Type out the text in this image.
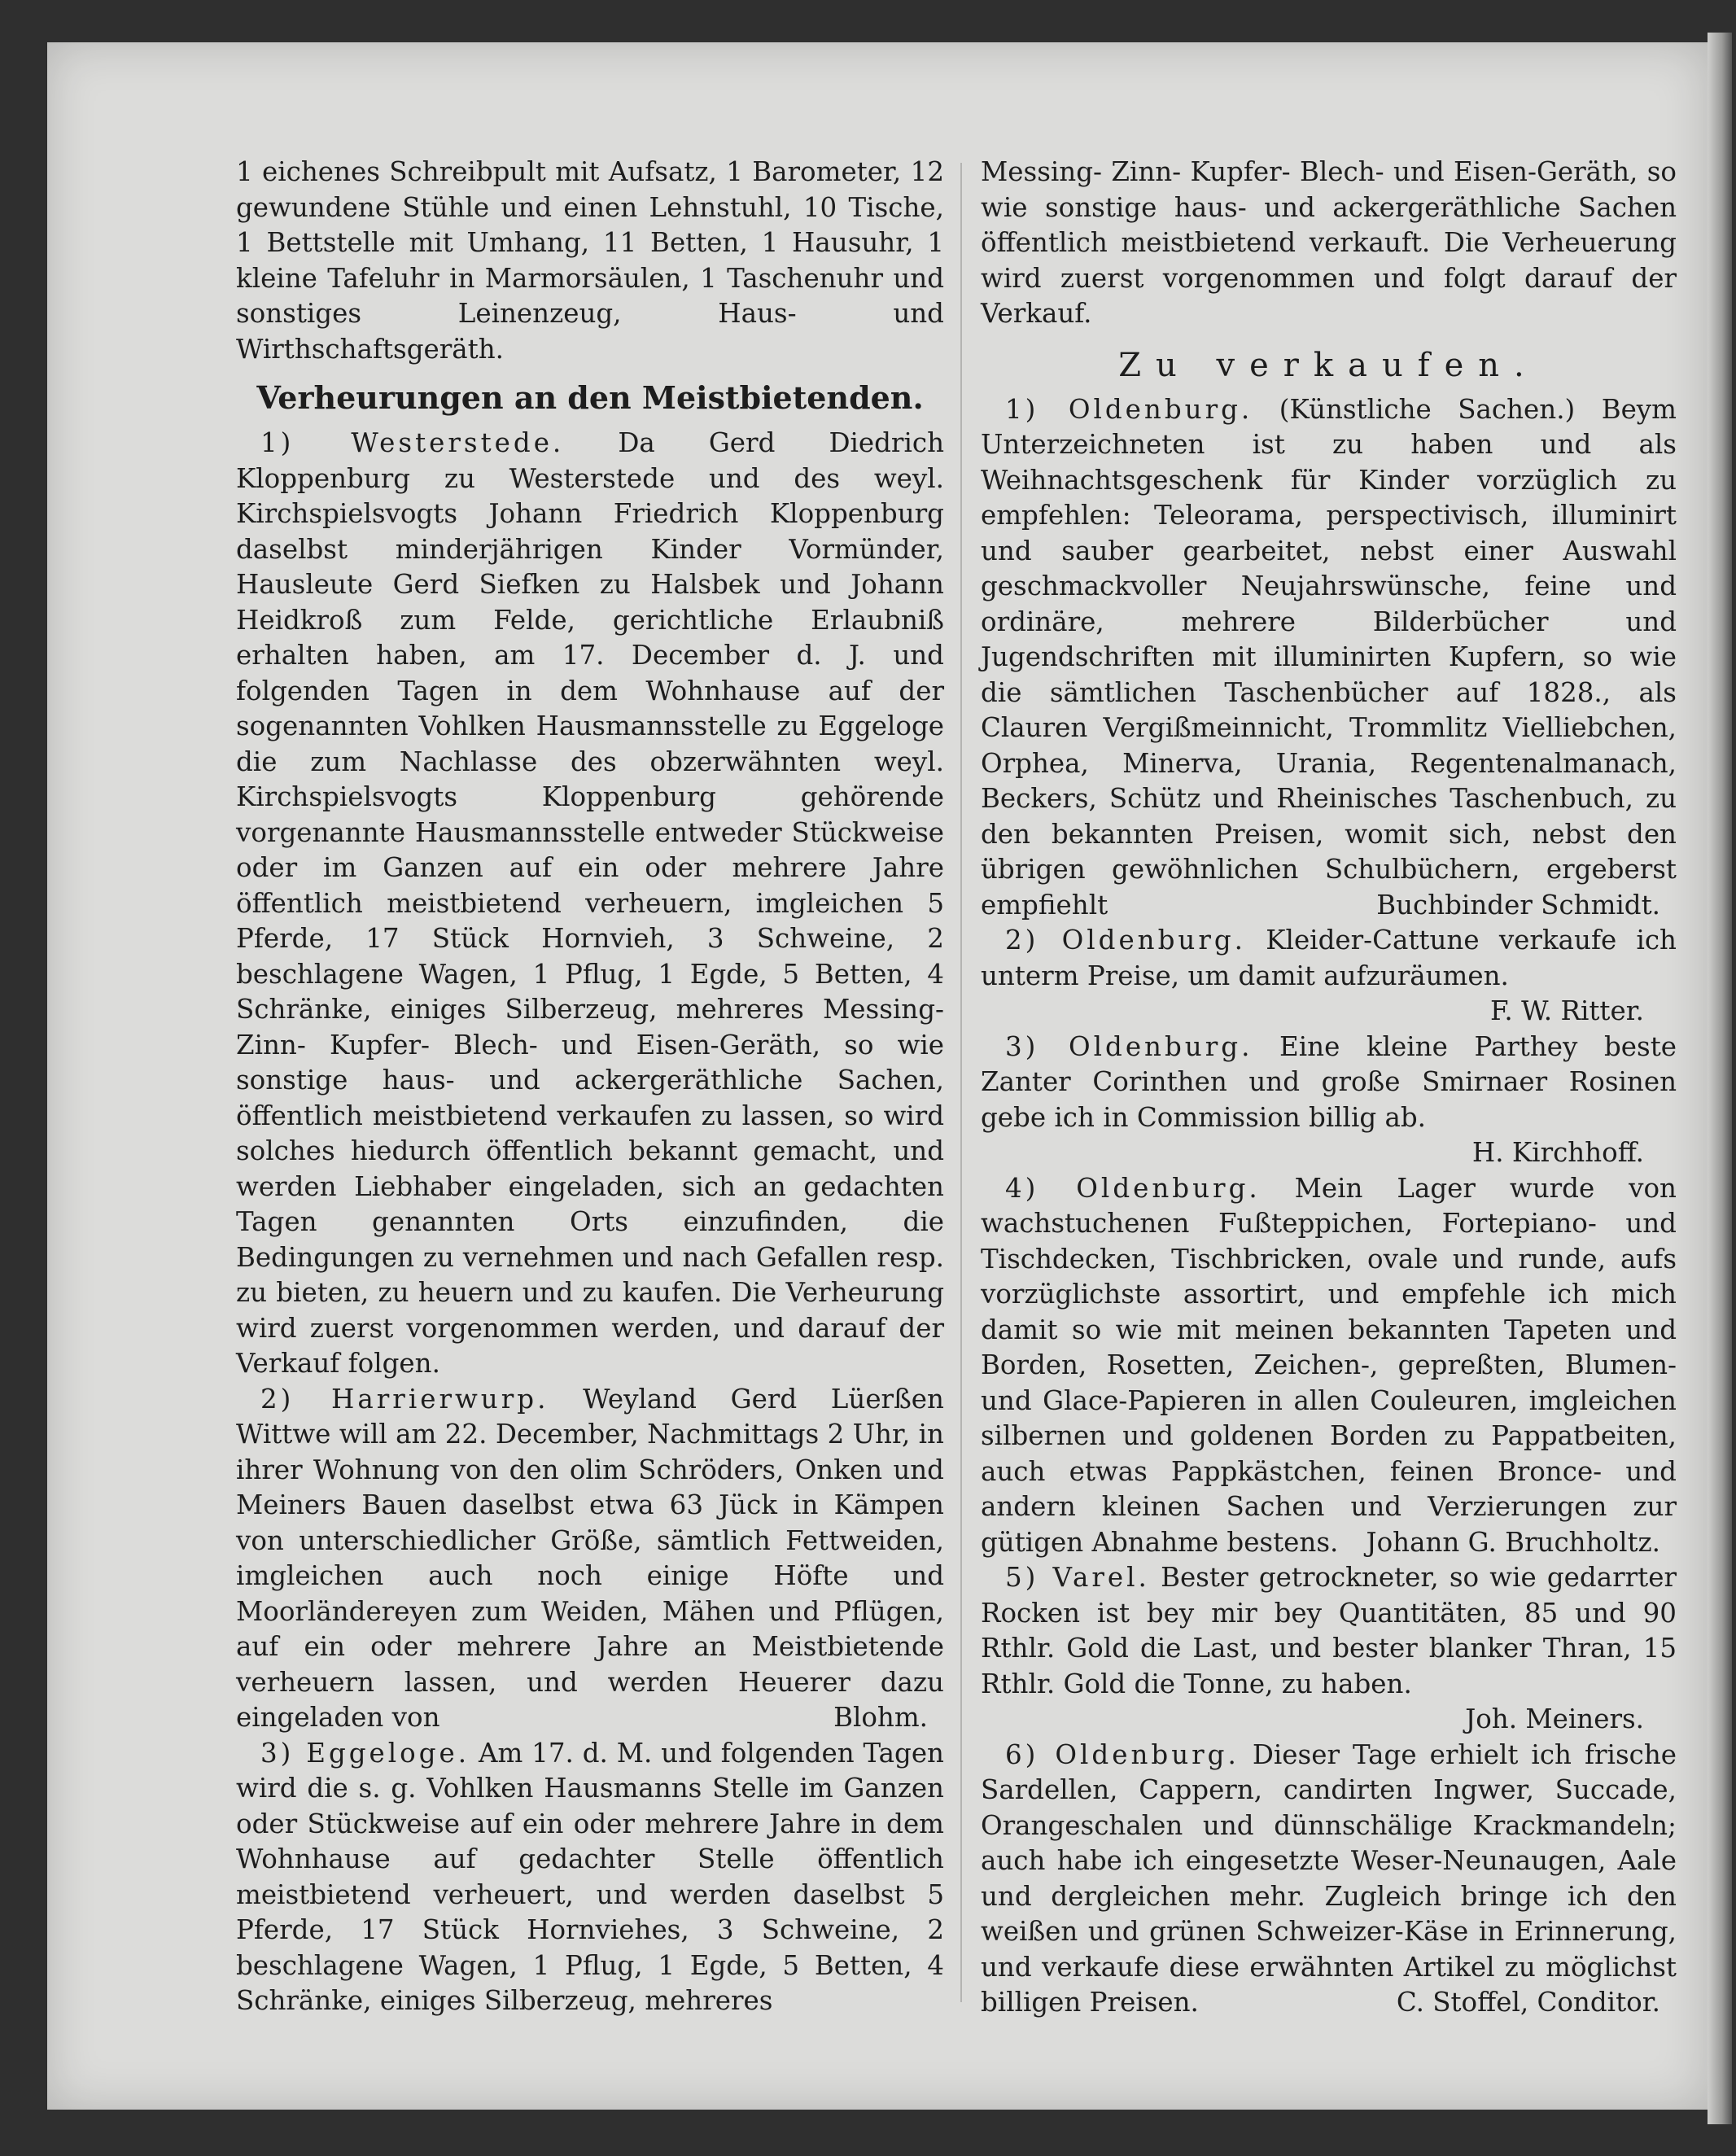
1 eichenes Schreibpult mit Aufsatz, 1 Barometer, 12 gewundene Stühle und einen Lehnstuhl, 10 Tische, 1 Bettstelle mit Umhang, 11 Betten, 1 Hausuhr, 1 kleine Tafeluhr in Marmorsäulen, 1 Taschenuhr und sonstiges Leinenzeug, Haus- und Wirthschaftsgeräth.

Verheurungen an den Meistbietenden.

1) Westerstede. Da Gerd Diedrich Kloppenburg zu Westerstede und des weyl. Kirchspielsvogts Johann Friedrich Kloppenburg daselbst minderjährigen Kinder Vormünder, Hausleute Gerd Siefken zu Halsbek und Johann Heidkroß zum Felde, gerichtliche Erlaubniß erhalten haben, am 17. December d. J. und folgenden Tagen in dem Wohnhause auf der sogenannten Vohlken Hausmannsstelle zu Eggeloge die zum Nachlasse des obzerwähnten weyl. Kirchspielsvogts Kloppenburg gehörende vorgenannte Hausmannsstelle entweder Stückweise oder im Ganzen auf ein oder mehrere Jahre öffentlich meistbietend verheuern, imgleichen 5 Pferde, 17 Stück Hornvieh, 3 Schweine, 2 beschlagene Wagen, 1 Pflug, 1 Egde, 5 Betten, 4 Schränke, einiges Silberzeug, mehreres Messing- Zinn- Kupfer- Blech- und Eisen-Geräth, so wie sonstige haus- und ackergeräthliche Sachen, öffentlich meistbietend verkaufen zu lassen, so wird solches hiedurch öffentlich bekannt gemacht, und werden Liebhaber eingeladen, sich an gedachten Tagen genannten Orts einzufinden, die Bedingungen zu vernehmen und nach Gefallen resp. zu bieten, zu heuern und zu kaufen. Die Verheurung wird zuerst vorgenommen werden, und darauf der Verkauf folgen.

2) Harrierwurp. Weyland Gerd Lüerßen Wittwe will am 22. December, Nachmittags 2 Uhr, in ihrer Wohnung von den olim Schröders, Onken und Meiners Bauen daselbst etwa 63 Jück in Kämpen von unterschiedlicher Größe, sämtlich Fettweiden, imgleichen auch noch einige Höfte und Moorländereyen zum Weiden, Mähen und Pflügen, auf ein oder mehrere Jahre an Meistbietende verheuern lassen, und werden Heuerer dazu eingeladen von	Blohm.

3) Eggeloge. Am 17. d. M. und folgenden Tagen wird die s. g. Vohlken Hausmanns Stelle im Ganzen oder Stückweise auf ein oder mehrere Jahre in dem Wohnhause auf gedachter Stelle öffentlich meistbietend verheuert, und werden daselbst 5 Pferde, 17 Stück Hornviehes, 3 Schweine, 2 beschlagene Wagen, 1 Pflug, 1 Egde, 5 Betten, 4 Schränke, einiges Silberzeug, mehreres

Messing- Zinn- Kupfer- Blech- und Eisen-Geräth, so wie sonstige haus- und ackergeräthliche Sachen öffentlich meistbietend verkauft. Die Verheuerung wird zuerst vorgenommen und folgt darauf der Verkauf.

Zu verkaufen.

1) Oldenburg. (Künstliche Sachen.) Beym Unterzeichneten ist zu haben und als Weihnachtsgeschenk für Kinder vorzüglich zu empfehlen: Teleorama, perspectivisch, illuminirt und sauber gearbeitet, nebst einer Auswahl geschmackvoller Neujahrswünsche, feine und ordinäre, mehrere Bilderbücher und Jugendschriften mit illuminirten Kupfern, so wie die sämtlichen Taschenbücher auf 1828., als Clauren Vergißmeinnicht, Trommlitz Vielliebchen, Orphea, Minerva, Urania, Regentenalmanach, Beckers, Schütz und Rheinisches Taschenbuch, zu den bekannten Preisen, womit sich, nebst den übrigen gewöhnlichen Schulbüchern, ergeberst empfiehlt	Buchbinder Schmidt.

2) Oldenburg. Kleider-Cattune verkaufe ich unterm Preise, um damit aufzuräumen.

F. W. Ritter.

3) Oldenburg. Eine kleine Parthey beste Zanter Corinthen und große Smirnaer Rosinen gebe ich in Commission billig ab.

H. Kirchhoff.

4) Oldenburg. Mein Lager wurde von wachstuchenen Fußteppichen, Fortepiano- und Tischdecken, Tischbricken, ovale und runde, aufs vorzüglichste assortirt, und empfehle ich mich damit so wie mit meinen bekannten Tapeten und Borden, Rosetten, Zeichen-, gepreßten, Blumen- und Glace-Papieren in allen Couleuren, imgleichen silbernen und goldenen Borden zu Pappatbeiten, auch etwas Pappkästchen, feinen Bronce- und andern kleinen Sachen und Verzierungen zur gütigen Abnahme bestens.	Johann G. Bruchholtz.

5) Varel. Bester getrockneter, so wie gedarrter Rocken ist bey mir bey Quantitäten, 85 und 90 Rthlr. Gold die Last, und bester blanker Thran, 15 Rthlr. Gold die Tonne, zu haben.

Joh. Meiners.

6) Oldenburg. Dieser Tage erhielt ich frische Sardellen, Cappern, candirten Ingwer, Succade, Orangeschalen und dünnschälige Krackmandeln; auch habe ich eingesetzte Weser-Neunaugen, Aale und dergleichen mehr. Zugleich bringe ich den weißen und grünen Schweizer-Käse in Erinnerung, und verkaufe diese erwähnten Artikel zu möglichst billigen Preisen.	C. Stoffel, Conditor.
